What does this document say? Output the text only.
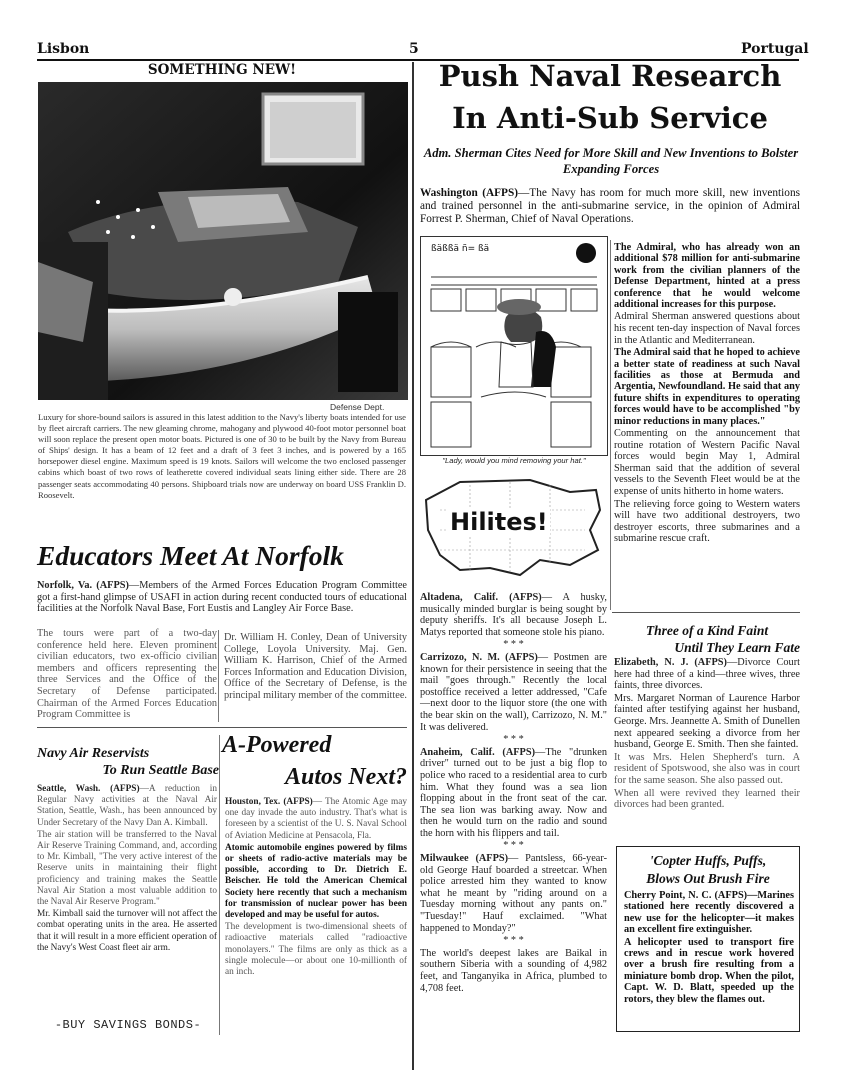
Lisbon	5	Portugal
SOMETHING NEW!
Defense Dept.
Luxury for shore-bound sailors is assured in this latest addition to the Navy's liberty boats intended for use by fleet aircraft carriers. The new gleaming chrome, mahogany and plywood 40-foot motor personnel boat will soon replace the present open motor boats. Pictured is one of 30 to be built by the Navy from Bureau of Ships' design. It has a beam of 12 feet and a draft of 3 feet 3 inches, and is powered by a 165 horsepower diesel engine. Maximum speed is 19 knots. Sailors will welcome the two enclosed passenger cabins which boast of two rows of leatherette covered individual seats lining either side. There are 28 passenger seats accommodating 40 persons. Shipboard trials now are underway on board USS Franklin D. Roosevelt.
Educators Meet At Norfolk
Norfolk, Va. (AFPS)—Members of the Armed Forces Education Program Committee got a first-hand glimpse of USAFI in action during recent conducted tours of educational facilities at the Norfolk Naval Base, Fort Eustis and Langley Air Force Base.
The tours were part of a two-day conference held here. Eleven prominent civilian educators, two ex-officio civilian members and officers representing the three Services and the Office of the Secretary of Defense participated. Chairman of the Armed Forces Education Program Committee is
Dr. William H. Conley, Dean of University College, Loyola University. Maj. Gen. William K. Harrison, Chief of the Armed Forces Information and Education Division, Office of the Secretary of Defense, is the principal military member of the committee.
Navy Air Reservists
To Run Seattle Base

Seattle, Wash. (AFPS)—A reduction in Regular Navy activities at the Naval Air Station, Seattle, Wash., has been announced by Under Secretary of the Navy Dan A. Kimball.

The air station will be transferred to the Naval Air Reserve Training Command, and, according to Mr. Kimball, "The very active interest of the Reserve units in maintaining their flight proficiency and training makes the Seattle Naval Air Station a most valuable addition to the Naval Air Reserve Program."

Mr. Kimball said the turnover will not affect the combat operating units in the area. He asserted that it will result in a more efficient operation of the Navy's West Coast fleet air arm.

-BUY SAVINGS BONDS-
A-Powered
Autos Next?

Houston, Tex. (AFPS)— The Atomic Age may one day invade the auto industry. That's what is foreseen by a scientist of the U. S. Naval School of Aviation Medicine at Pensacola, Fla.

Atomic automobile engines powered by films or sheets of radio-active materials may be possible, according to Dr. Dietrich E. Beischer. He told the American Chemical Society here recently that such a mechanism for transmission of nuclear power has been developed and may be useful for autos.

The development is two-dimensional sheets of radioactive materials called "radioactive monolayers." The films are only as thick as a single molecule—or about one 10-millionth of an inch.

Push Naval Research
In Anti-Sub Service
Adm. Sherman Cites Need for More Skill and New Inventions to Bolster Expanding Forces
Washington (AFPS)—The Navy has room for much more skill, new inventions and trained personnel in the anti-submarine service, in the opinion of Admiral Forrest P. Sherman, Chief of Naval Operations.
ßäßßä ñ= ßä
"Lady, would you mind removing your hat."
Hilites!

Altadena, Calif. (AFPS)— A husky, musically minded burglar is being sought by deputy sheriffs. It's all because Joseph L. Matys reported that someone stole his piano.

* * *

Carrizozo, N. M. (AFPS)— Postmen are known for their persistence in seeing that the mail "goes through." Recently the local postoffice received a letter addressed, "Cafe—next door to the liquor store (the one with the bear skin on the wall), Carrizozo, N. M." It was delivered.

* * *

Anaheim, Calif. (AFPS)—The "drunken driver" turned out to be just a big flop to police who raced to a residential area to curb him. What they found was a sea lion flopping about in the front seat of the car. The sea lion was barking away. Now and then he would turn on the radio and sound the horn with his flippers and tail.

* * *

Milwaukee (AFPS)— Pantsless, 66-year-old George Hauf boarded a streetcar. When police arrested him they wanted to know what he meant by "riding around on a Tuesday morning without any pants on." "Tuesday!" Hauf exclaimed. "What happened to Monday?"

* * *

The world's deepest lakes are Baikal in southern Siberia with a sounding of 4,982 feet, and Tanganyika in Africa, plumbed to 4,708 feet.

The Admiral, who has already won an additional $78 million for anti-submarine work from the civilian planners of the Defense Department, hinted at a press conference that he would welcome additional increases for this purpose.

Admiral Sherman answered questions about his recent ten-day inspection of Naval forces in the Atlantic and Mediterranean.

The Admiral said that he hoped to achieve a better state of readiness at such Naval facilities as those at Bermuda and Argentia, Newfoundland. He said that any future shifts in expenditures to operating forces would have to be accomplished "by minor reductions in many places."

Commenting on the announcement that routine rotation of Western Pacific Naval forces would begin May 1, Admiral Sherman said that the addition of several vessels to the Seventh Fleet would be at the expense of units hitherto in home waters.

The relieving force going to Western waters will have two additional destroyers, two destroyer escorts, three submarines and a submarine rescue craft.

Three of a Kind Faint
Until They Learn Fate

Elizabeth, N. J. (AFPS)—Divorce Court here had three of a kind—three wives, three faints, three divorces.

Mrs. Margaret Norman of Laurence Harbor fainted after testifying against her husband, George. Mrs. Jeannette A. Smith of Dunellen next appeared seeking a divorce from her husband, George E. Smith. Then she fainted.

It was Mrs. Helen Shepherd's turn. A resident of Spotswood, she also was in court for the same season. She also passed out.

When all were revived they learned their divorces had been granted.

'Copter Huffs, Puffs,
Blows Out Brush Fire

Cherry Point, N. C. (AFPS)—Marines stationed here recently discovered a new use for the helicopter—it makes an excellent fire extinguisher.

A helicopter used to transport fire crews and in rescue work hovered over a brush fire resulting from a miniature bomb drop. When the pilot, Capt. W. D. Blatt, speeded up the rotors, they blew the flames out.
